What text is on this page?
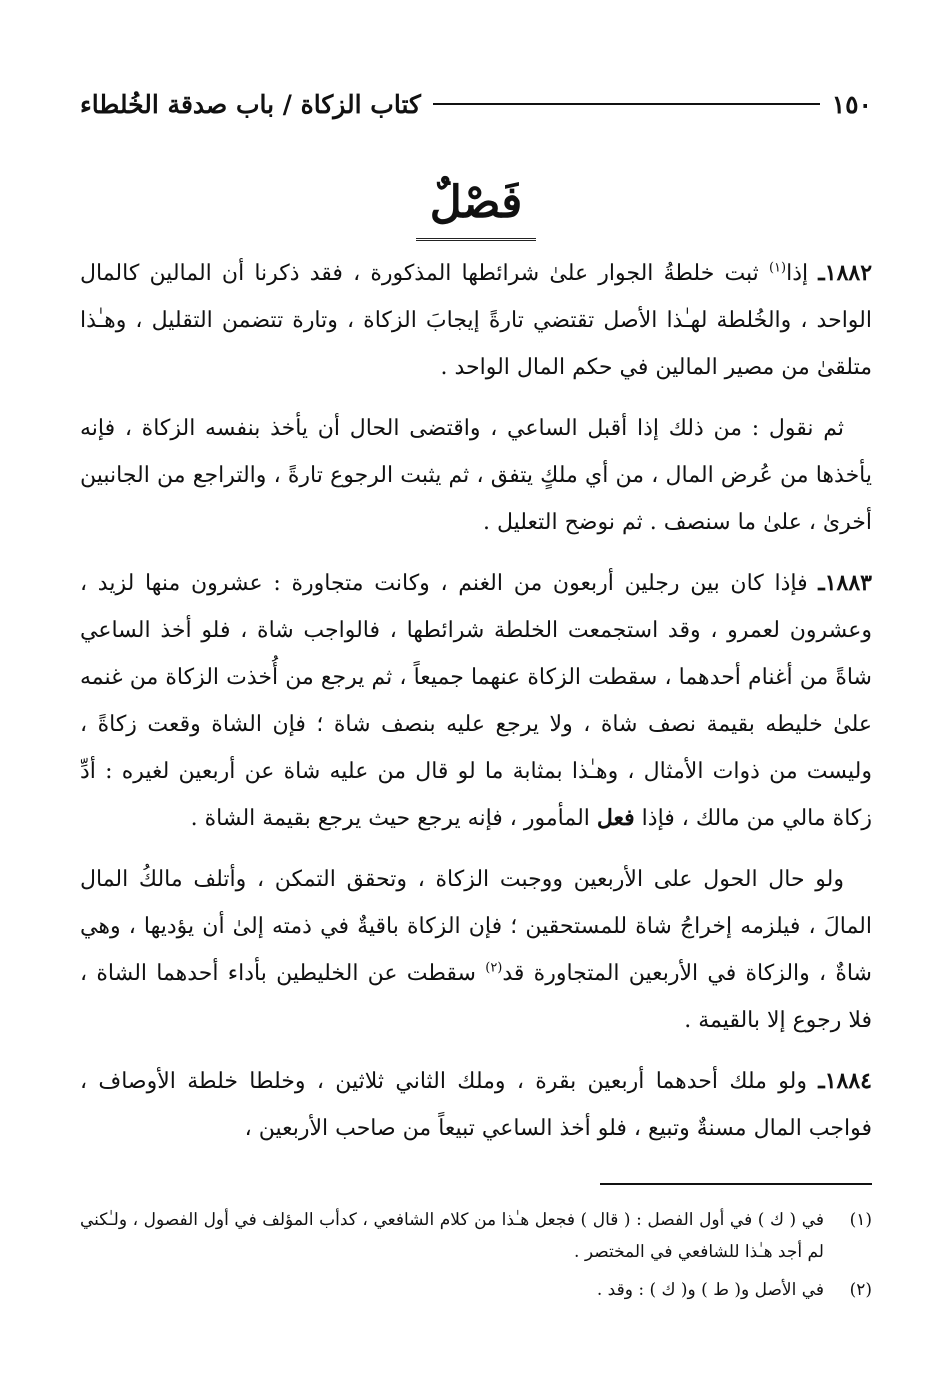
١٥٠
كتاب الزكاة / باب صدقة الخُلطاء
فَصْلٌ

١٨٨٢ـ إذا$^{(١)}$ ثبت خلطةُ الجوار علىٰ شرائطها المذكورة ، فقد ذكرنا أن المالين كالمال الواحد ، والخُلطة لهـٰذا الأصل تقتضي تارةً إيجابَ الزكاة ، وتارة تتضمن التقليل ، وهـٰذا متلقىٰ من مصير المالين في حكم المال الواحد .

ثم نقول : من ذلك إذا أقبل الساعي ، واقتضى الحال أن يأخذ بنفسه الزكاة ، فإنه يأخذها من عُرض المال ، من أي ملكٍ يتفق ، ثم يثبت الرجوع تارةً ، والتراجع من الجانبين أخرىٰ ، علىٰ ما سنصف . ثم نوضح التعليل .

١٨٨٣ـ فإذا كان بين رجلين أربعون من الغنم ، وكانت متجاورة : عشرون منها لزيد ، وعشرون لعمرو ، وقد استجمعت الخلطة شرائطها ، فالواجب شاة ، فلو أخذ الساعي شاةً من أغنام أحدهما ، سقطت الزكاة عنهما جميعاً ، ثم يرجع من أُخذت الزكاة من غنمه علىٰ خليطه بقيمة نصف شاة ، ولا يرجع عليه بنصف شاة ؛ فإن الشاة وقعت زكاةً ، وليست من ذوات الأمثال ، وهـٰذا بمثابة ما لو قال من عليه شاة عن أربعين لغيره : أدِّ زكاة مالي من مالك ، فإذا فعل المأمور ، فإنه يرجع حيث يرجع بقيمة الشاة .

ولو حال الحول على الأربعين ووجبت الزكاة ، وتحقق التمكن ، وأتلف مالكُ المال المالَ ، فيلزمه إخراجُ شاة للمستحقين ؛ فإن الزكاة باقيةٌ في ذمته إلىٰ أن يؤديها ، وهي شاةٌ ، والزكاة في الأربعين المتجاورة قد$^{(٢)}$ سقطت عن الخليطين بأداء أحدهما الشاة ، فلا رجوع إلا بالقيمة .

١٨٨٤ـ ولو ملك أحدهما أربعين بقرة ، وملك الثاني ثلاثين ، وخلطا خلطة الأوصاف ، فواجب المال مسنةٌ وتبيع ، فلو أخذ الساعي تبيعاً من صاحب الأربعين ،

(١)
في ( ك ) في أول الفصل : ( قال ) فجعل هـٰذا من كلام الشافعي ، كدأب المؤلف في أول الفصول ، ولـٰكني لم أجد هـٰذا للشافعي في المختصر .
(٢)
في الأصل و( ط ) و( ك ) : وقد .
